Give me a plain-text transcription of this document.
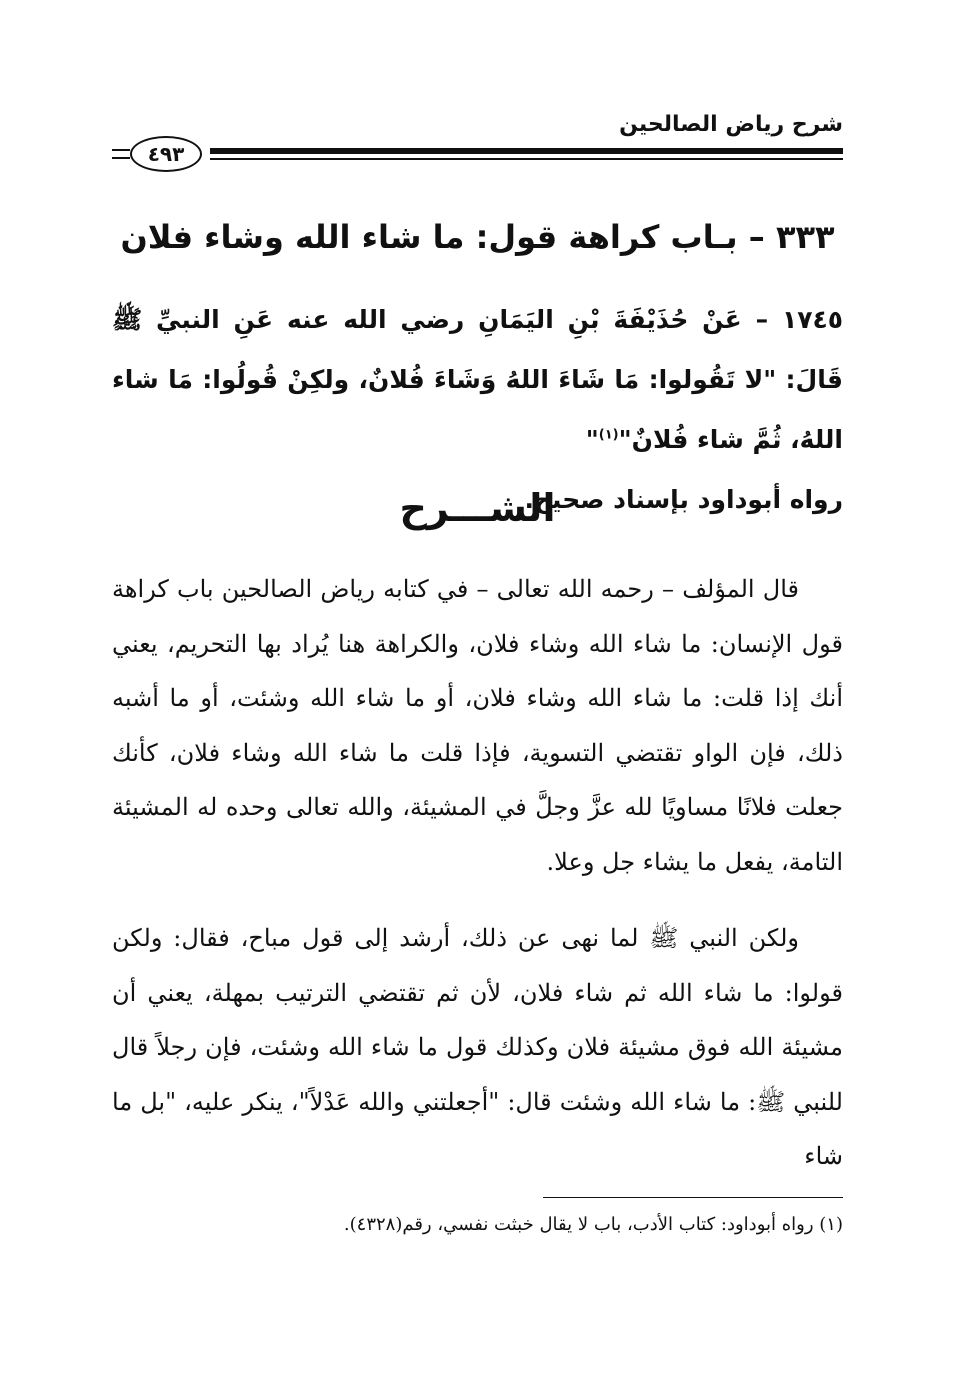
شرح رياض الصالحين
٤٩٣
٣٣٣ – بـاب كراهة قول: ما شاء الله وشاء فلان

١٧٤٥ – عَنْ حُذَيْفَةَ بْنِ اليَمَانِ رضي الله عنه عَنِ النبيِّ ﷺ قَالَ: "لا تَقُولوا: مَا شَاءَ اللهُ وَشَاءَ فُلانٌ، ولكِنْ قُولُوا: مَا شاء اللهُ، ثُمَّ شاء فُلانٌ"$^{(١)}$"

رواه أبوداود بإسناد صحيح.

الشـــرح

قال المؤلف – رحمه الله تعالى – في كتابه رياض الصالحين باب كراهة قول الإنسان: ما شاء الله وشاء فلان، والكراهة هنا يُراد بها التحريم، يعني أنك إذا قلت: ما شاء الله وشاء فلان، أو ما شاء الله وشئت، أو ما أشبه ذلك، فإن الواو تقتضي التسوية، فإذا قلت ما شاء الله وشاء فلان، كأنك جعلت فلانًا مساويًا لله عزَّ وجلَّ في المشيئة، والله تعالى وحده له المشيئة التامة، يفعل ما يشاء جل وعلا.

ولكن النبي ﷺ لما نهى عن ذلك، أرشد إلى قول مباح، فقال: ولكن قولوا: ما شاء الله ثم شاء فلان، لأن ثم تقتضي الترتيب بمهلة، يعني أن مشيئة الله فوق مشيئة فلان وكذلك قول ما شاء الله وشئت، فإن رجلاً قال للنبي ﷺ: ما شاء الله وشئت قال: "أجعلتني والله عَدْلاً"، ينكر عليه، "بل ما شاء

(١) رواه أبوداود: كتاب الأدب، باب لا يقال خبثت نفسي، رقم(٤٣٢٨).
